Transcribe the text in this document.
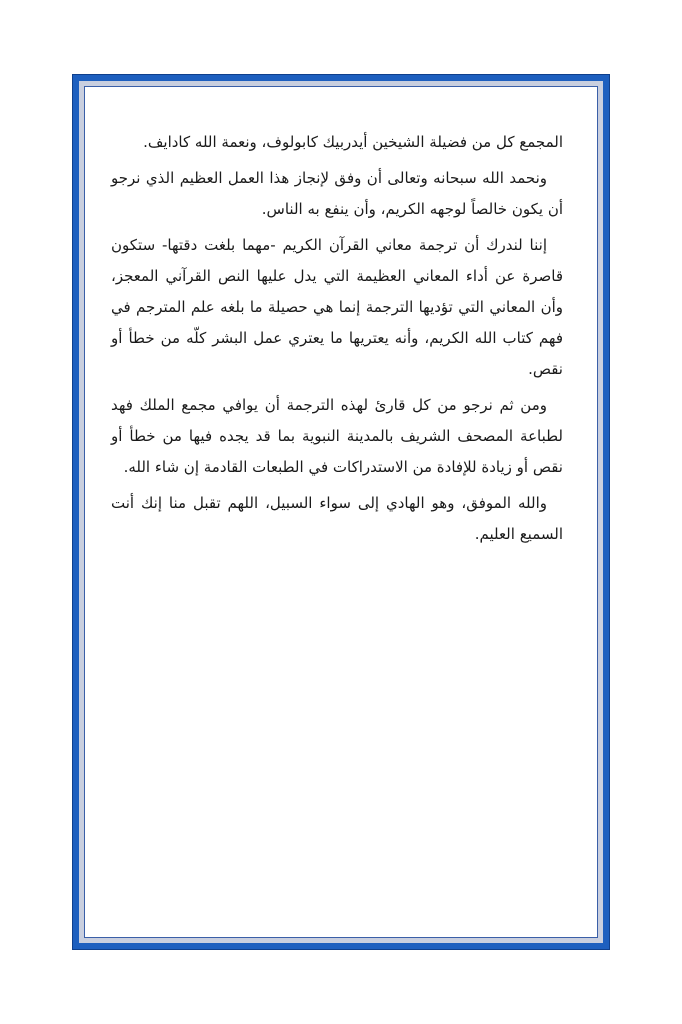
المجمع كل من فضيلة الشيخين أيدربيك كابولوف، ونعمة الله كادايف.

ونحمد الله سبحانه وتعالى أن وفق لإنجاز هذا العمل العظيم الذي نرجو أن يكون خالصاً لوجهه الكريم، وأن ينفع به الناس.

إننا لندرك أن ترجمة معاني القرآن الكريم -مهما بلغت دقتها- ستكون قاصرة عن أداء المعاني العظيمة التي يدل عليها النص القرآني المعجز، وأن المعاني التي تؤديها الترجمة إنما هي حصيلة ما بلغه علم المترجم في فهم كتاب الله الكريم، وأنه يعتريها ما يعتري عمل البشر كلّه من خطأ أو نقص.

ومن ثم نرجو من كل قارئ لهذه الترجمة أن يوافي مجمع الملك فهد لطباعة المصحف الشريف بالمدينة النبوية بما قد يجده فيها من خطأ أو نقص أو زيادة للإفادة من الاستدراكات في الطبعات القادمة إن شاء الله.

والله الموفق، وهو الهادي إلى سواء السبيل، اللهم تقبل منا إنك أنت السميع العليم.
